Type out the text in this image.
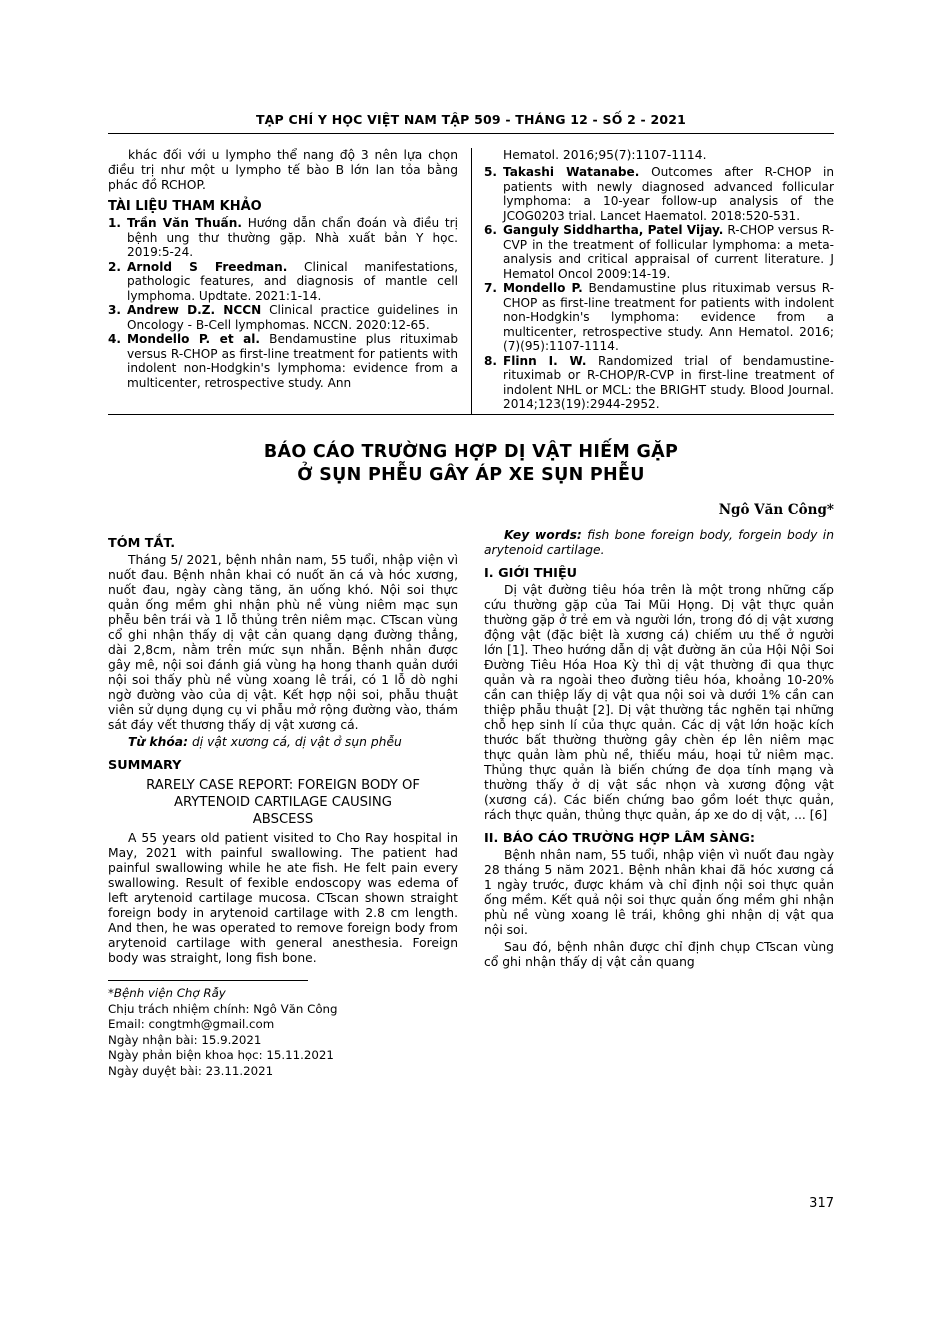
TẠP CHÍ Y HỌC VIỆT NAM TẬP 509 - THÁNG 12 - SỐ 2 - 2021

khác đối với u lympho thể nang độ 3 nên lựa chọn điều trị như một u lympho tế bào B lớn lan tỏa bằng phác đồ RCHOP.

TÀI LIỆU THAM KHẢO
1. Trần Văn Thuấn. Hướng dẫn chẩn đoán và điều trị bệnh ung thư thường gặp. Nhà xuất bản Y học. 2019:5-24.
2. Arnold S Freedman. Clinical manifestations, pathologic features, and diagnosis of mantle cell lymphoma. Updtate. 2021:1-14.
3. Andrew D.Z. NCCN Clinical practice guidelines in Oncology - B-Cell lymphomas. NCCN. 2020:12-65.
4. Mondello P. et al. Bendamustine plus rituximab versus R-CHOP as first-line treatment for patients with indolent non-Hodgkin's lymphoma: evidence from a multicenter, retrospective study. Ann

Hematol. 2016;95(7):1107-1114.

5. Takashi Watanabe. Outcomes after R-CHOP in patients with newly diagnosed advanced follicular lymphoma: a 10-year follow-up analysis of the JCOG0203 trial. Lancet Haematol. 2018:520-531.
6. Ganguly Siddhartha, Patel Vijay. R-CHOP versus R-CVP in the treatment of follicular lymphoma: a meta-analysis and critical appraisal of current literature. J Hematol Oncol 2009:14-19.
7. Mondello P. Bendamustine plus rituximab versus R-CHOP as first-line treatment for patients with indolent non-Hodgkin's lymphoma: evidence from a multicenter, retrospective study. Ann Hematol. 2016;(7)(95):1107-1114.
8. Flinn I. W. Randomized trial of bendamustine-rituximab or R-CHOP/R-CVP in first-line treatment of indolent NHL or MCL: the BRIGHT study. Blood Journal. 2014;123(19):2944-2952.
BÁO CÁO TRƯỜNG HỢP DỊ VẬT HIẾM GẶP
Ở SỤN PHỄU GÂY ÁP XE SỤN PHỄU
Ngô Văn Công*
TÓM TẮT.

Tháng 5/ 2021, bệnh nhân nam, 55 tuổi, nhập viện vì nuốt đau. Bệnh nhân khai có nuốt ăn cá và hóc xương, nuốt đau, ngày càng tăng, ăn uống khó. Nội soi thực quản ống mềm ghi nhận phù nề vùng niêm mạc sụn phễu bên trái và 1 lỗ thủng trên niêm mạc. CTscan vùng cổ ghi nhận thấy dị vật cản quang dạng đường thẳng, dài 2,8cm, nằm trên mức sụn nhẫn. Bệnh nhân được gây mê, nội soi đánh giá vùng hạ hong thanh quản dưới nội soi thấy phù nề vùng xoang lê trái, có 1 lỗ dò nghi ngờ đường vào của dị vật. Kết hợp nội soi, phẫu thuật viên sử dụng dụng cụ vi phẫu mở rộng đường vào, thám sát đáy vết thương thấy dị vật xương cá.

Từ khóa: dị vật xương cá, dị vật ở sụn phễu

SUMMARY
RARELY CASE REPORT: FOREIGN BODY OF
ARYTENOID CARTILAGE CAUSING
ABSCESS

A 55 years old patient visited to Cho Ray hospital in May, 2021 with painful swallowing. The patient had painful swallowing while he ate fish. He felt pain every swallowing. Result of fexible endoscopy was edema of left arytenoid cartilage mucosa. CTscan shown straight foreign body in arytenoid cartilage with 2.8 cm length. And then, he was operated to remove foreign body from arytenoid cartilage with general anesthesia. Foreign body was straight, long fish bone.

*Bệnh viện Chợ Rẫy
Chịu trách nhiệm chính: Ngô Văn Công
Email: congtmh@gmail.com
Ngày nhận bài: 15.9.2021
Ngày phản biện khoa học: 15.11.2021
Ngày duyệt bài: 23.11.2021

Key words: fish bone foreign body, forgein body in arytenoid cartilage.

I. GIỚI THIỆU

Dị vật đường tiêu hóa trên là một trong những cấp cứu thường gặp của Tai Mũi Họng. Dị vật thực quản thường gặp ở trẻ em và người lớn, trong đó dị vật xương động vật (đặc biệt là xương cá) chiếm ưu thế ở người lớn [1]. Theo hướng dẫn dị vật đường ăn của Hội Nội Soi Đường Tiêu Hóa Hoa Kỳ thì dị vật thường đi qua thực quản và ra ngoài theo đường tiêu hóa, khoảng 10-20% cần can thiệp lấy dị vật qua nội soi và dưới 1% cần can thiệp phẫu thuật [2]. Dị vật thường tắc nghẽn tại những chỗ hẹp sinh lí của thực quản. Các dị vật lớn hoặc kích thước bất thường thường gây chèn ép lên niêm mạc thực quản làm phù nề, thiếu máu, hoại tử niêm mạc. Thủng thực quản là biến chứng đe dọa tính mạng và thường thấy ở dị vật sắc nhọn và xương động vật (xương cá). Các biến chứng bao gồm loét thực quản, rách thực quản, thủng thực quản, áp xe do dị vật, ... [6]

II. BÁO CÁO TRƯỜNG HỢP LÂM SÀNG:

Bệnh nhân nam, 55 tuổi, nhập viện vì nuốt đau ngày 28 tháng 5 năm 2021. Bệnh nhân khai đã hóc xương cá 1 ngày trước, được khám và chỉ định nội soi thực quản ống mềm. Kết quả nội soi thực quản ống mềm ghi nhận phù nề vùng xoang lê trái, không ghi nhận dị vật qua nội soi.

Sau đó, bệnh nhân được chỉ định chụp CTscan vùng cổ ghi nhận thấy dị vật cản quang

317
